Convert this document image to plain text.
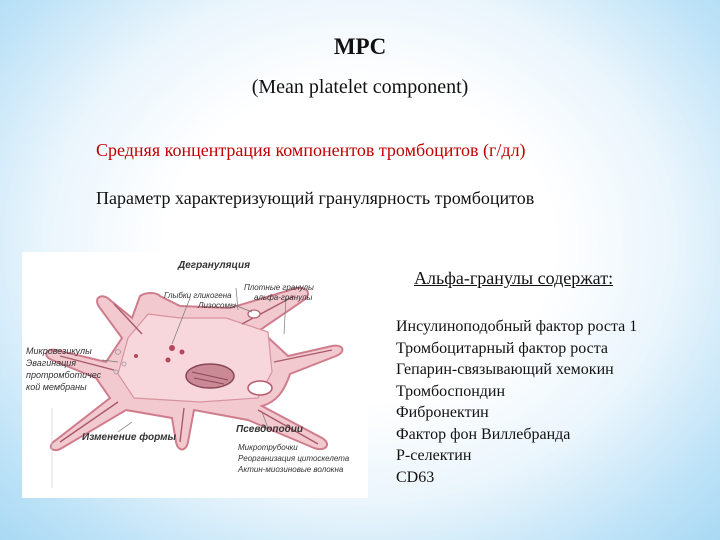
MPC
(Mean platelet component)
Средняя концентрация компонентов тромбоцитов (г/дл)
Параметр характеризующий гранулярность тромбоцитов
Дегрануляция
Плотные гранулы
Глыбки гликогена	альфа-гранулы
Лизосомы
Микровезикулы
Эвагинация
протромботичес
кой мембраны
Изменение формы
Псевдоподии
Микротрубочки
Реорганизация цитоскелета
Актин-миозиновые волокна
Альфа-гранулы содержат:
Инсулиноподобный фактор роста 1
Тромбоцитарный фактор роста
Гепарин-связывающий хемокин
Тромбоспондин
Фибронектин
Фактор фон Виллебранда
Р-селектин
CD63
